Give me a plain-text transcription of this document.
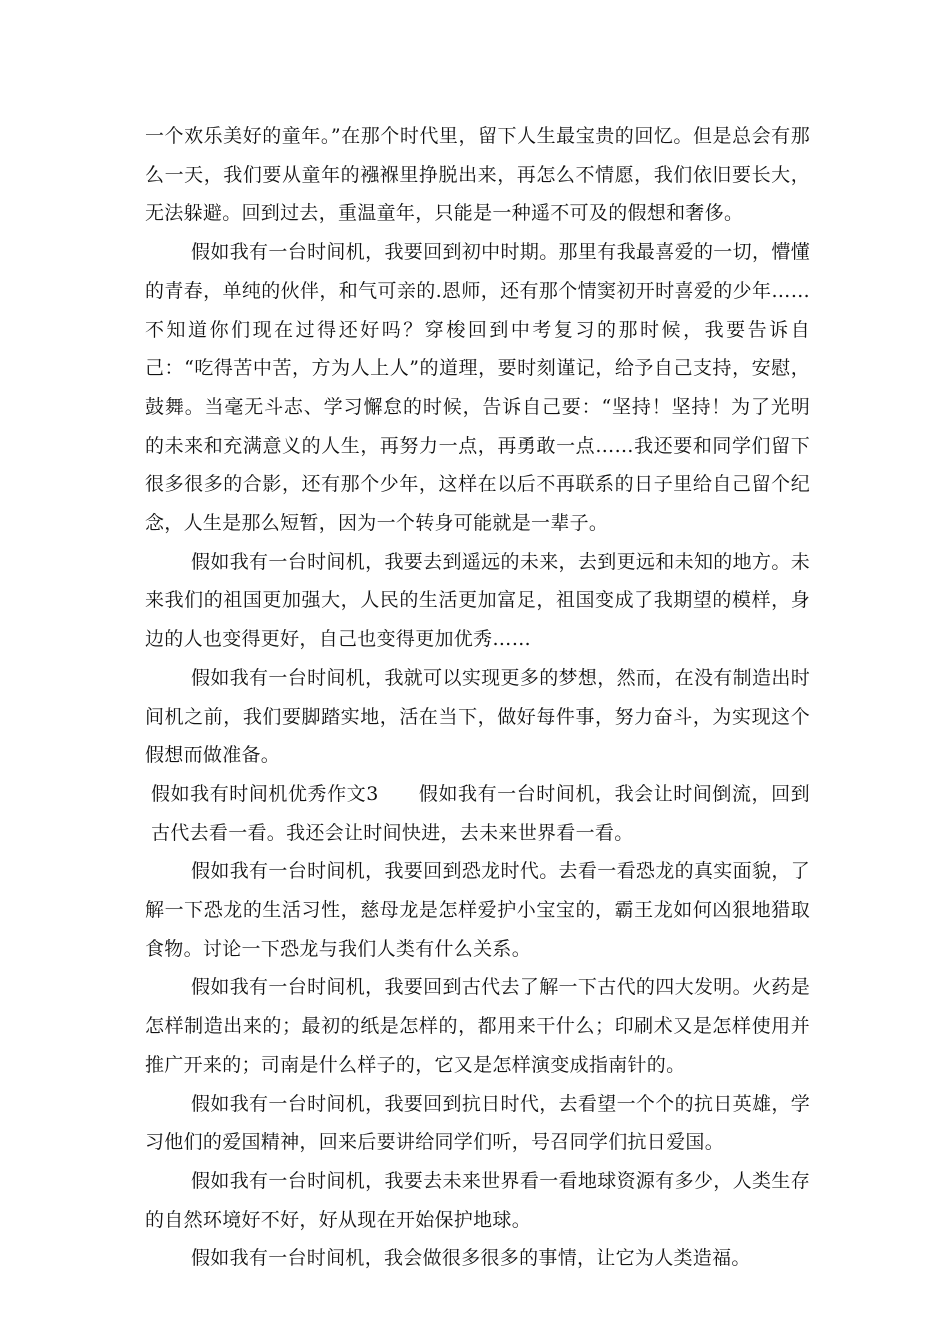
一个欢乐美好的童年。”在那个时代里，留下人生最宝贵的回忆。但是总会有那么一天，我们要从童年的襁褓里挣脱出来，再怎么不情愿，我们依旧要长大，无法躲避。回到过去，重温童年，只能是一种遥不可及的假想和奢侈。

假如我有一台时间机，我要回到初中时期。那里有我最喜爱的一切，懵懂的青春，单纯的伙伴，和气可亲的.恩师，还有那个情窦初开时喜爱的少年……不知道你们现在过得还好吗？穿梭回到中考复习的那时候，我要告诉自己：“吃得苦中苦，方为人上人”的道理，要时刻谨记，给予自己支持，安慰，鼓舞。当毫无斗志、学习懈怠的时候，告诉自己要：“坚持！坚持！为了光明的未来和充满意义的人生，再努力一点，再勇敢一点……我还要和同学们留下很多很多的合影，还有那个少年，这样在以后不再联系的日子里给自己留个纪念，人生是那么短暂，因为一个转身可能就是一辈子。

假如我有一台时间机，我要去到遥远的未来，去到更远和未知的地方。未来我们的祖国更加强大，人民的生活更加富足，祖国变成了我期望的模样，身边的人也变得更好，自己也变得更加优秀……

假如我有一台时间机，我就可以实现更多的梦想，然而，在没有制造出时间机之前，我们要脚踏实地，活在当下，做好每件事，努力奋斗，为实现这个假想而做准备。

假如我有时间机优秀作文3 假如我有一台时间机，我会让时间倒流，回到古代去看一看。我还会让时间快进，去未来世界看一看。

假如我有一台时间机，我要回到恐龙时代。去看一看恐龙的真实面貌，了解一下恐龙的生活习性，慈母龙是怎样爱护小宝宝的，霸王龙如何凶狠地猎取食物。讨论一下恐龙与我们人类有什么关系。

假如我有一台时间机，我要回到古代去了解一下古代的四大发明。火药是怎样制造出来的；最初的纸是怎样的，都用来干什么；印刷术又是怎样使用并推广开来的；司南是什么样子的，它又是怎样演变成指南针的。

假如我有一台时间机，我要回到抗日时代，去看望一个个的抗日英雄，学习他们的爱国精神，回来后要讲给同学们听，号召同学们抗日爱国。

假如我有一台时间机，我要去未来世界看一看地球资源有多少，人类生存的自然环境好不好，好从现在开始保护地球。

假如我有一台时间机，我会做很多很多的事情，让它为人类造福。
